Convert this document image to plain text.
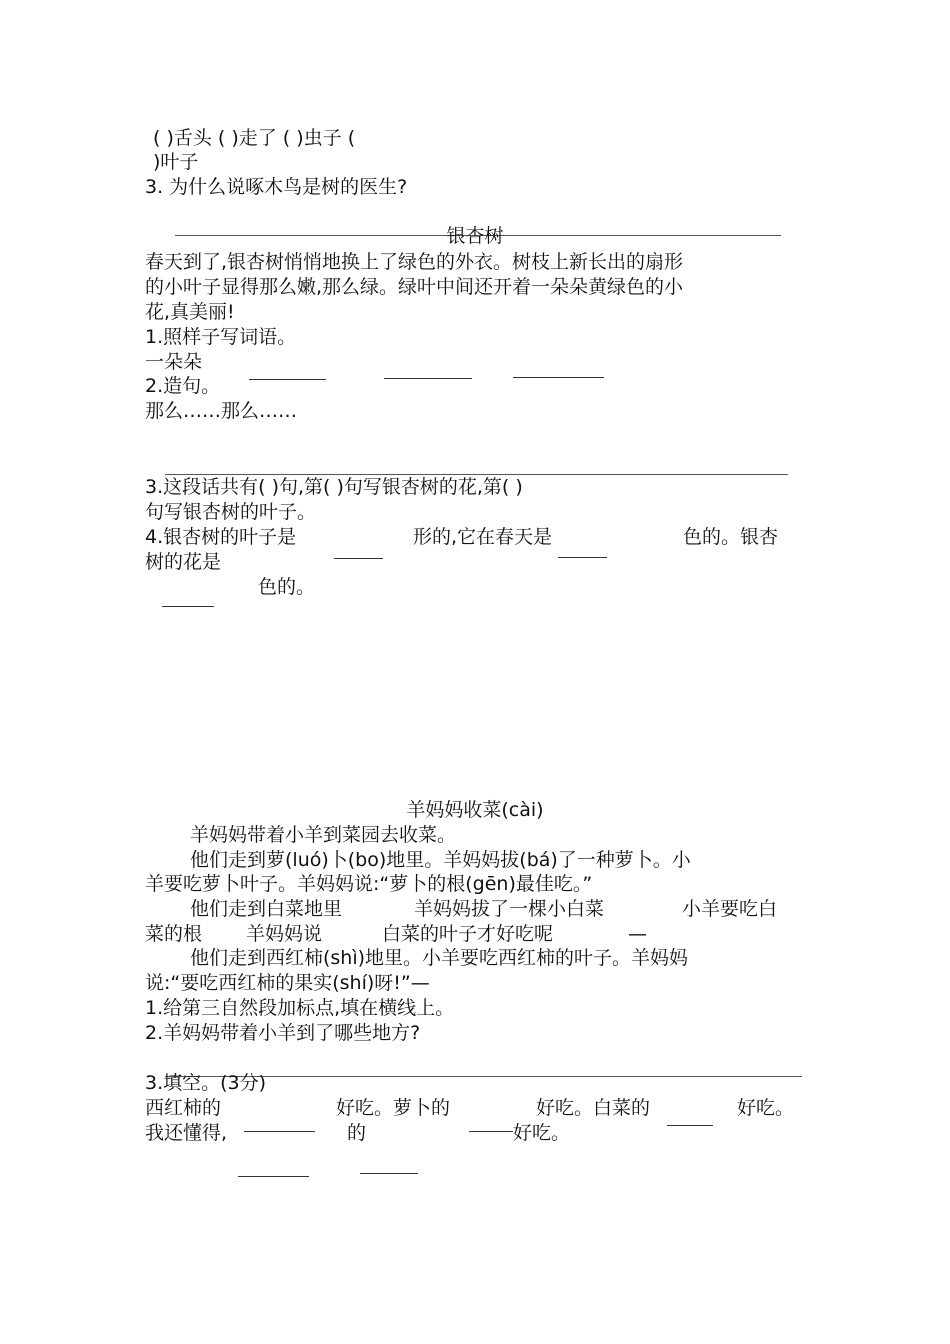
( )舌头 ( )走了 ( )虫子 (
)叶子
3. 为什么说啄木鸟是树的医生?
银杏树
春天到了,银杏树悄悄地换上了绿色的外衣。树枝上新长出的扇形
的小叶子显得那么嫩,那么绿。绿叶中间还开着一朵朵黄绿色的小
花,真美丽!
1.照样子写词语。
一朵朵
2.造句。
那么……那么……
3.这段话共有( )句,第( )句写银杏树的花,第( )
句写银杏树的叶子。
4.银杏树的叶子是	形的,它在春天是	色的。银杏
树的花是
色的。
羊妈妈收菜(cài)
羊妈妈带着小羊到菜园去收菜。
他们走到萝(luó)卜(bo)地里。羊妈妈拔(bá)了一种萝卜。小
羊要吃萝卜叶子。羊妈妈说:“萝卜的根(gēn)最佳吃。”
他们走到白菜地里	羊妈妈拔了一棵小白菜	小羊要吃白
菜的根 羊妈妈说	白菜的叶子才好吃呢	—
他们走到西红柿(shì)地里。小羊要吃西红柿的叶子。羊妈妈
说:“要吃西红柿的果实(shí)呀!”—
1.给第三自然段加标点,填在横线上。
2.羊妈妈带着小羊到了哪些地方?
3.填空。(3分)
西红柿的	好吃。萝卜的	好吃。白菜的	好吃。
我还懂得,	的	好吃。
